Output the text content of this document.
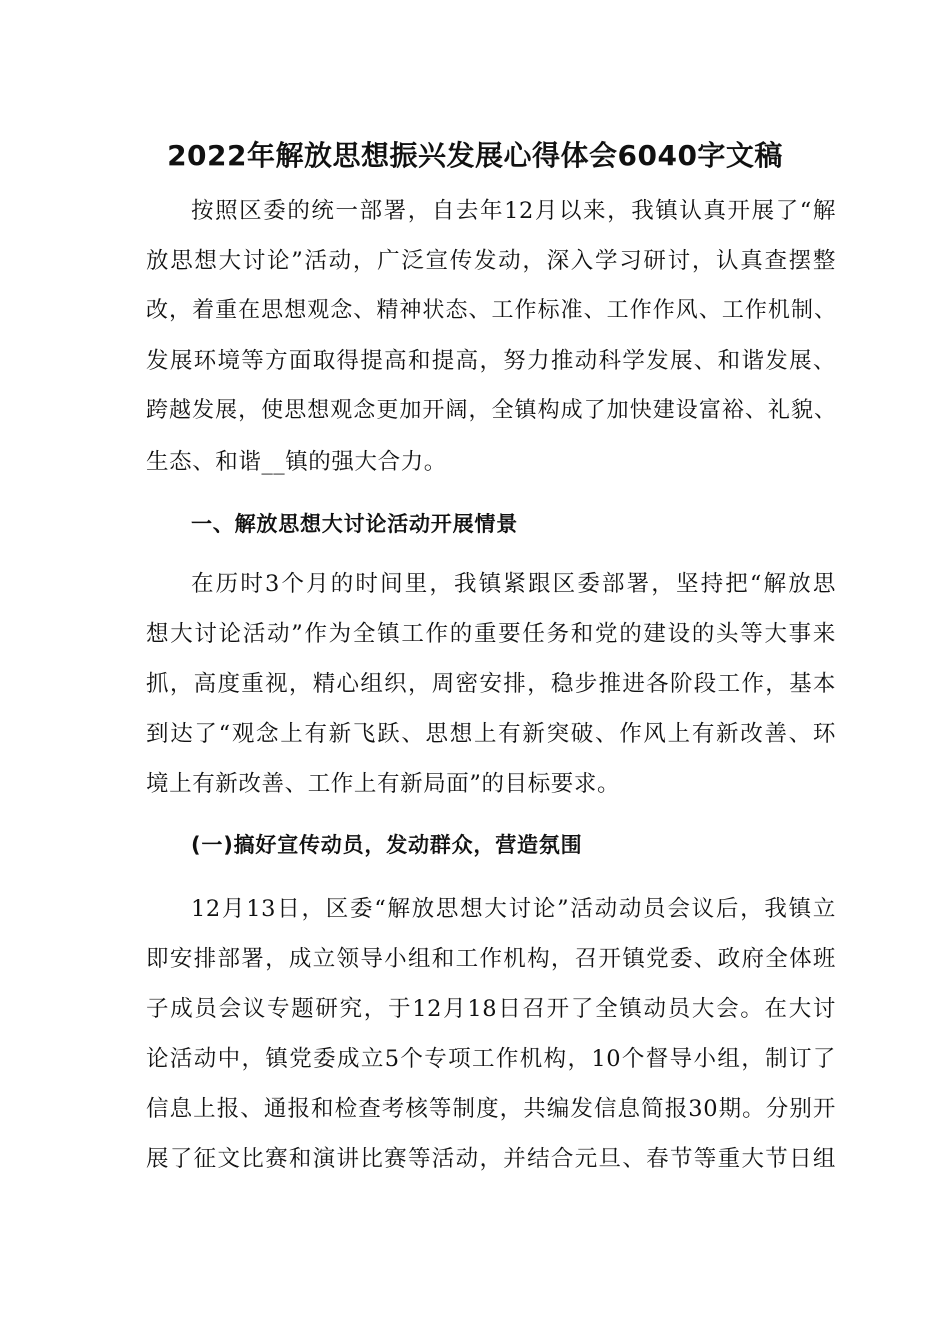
2022年解放思想振兴发展心得体会6040字文稿

按照区委的统一部署，自去年12月以来，我镇认真开展了“解

放思想大讨论”活动，广泛宣传发动，深入学习研讨，认真查摆整

改，着重在思想观念、精神状态、工作标准、工作作风、工作机制、

发展环境等方面取得提高和提高，努力推动科学发展、和谐发展、

跨越发展，使思想观念更加开阔，全镇构成了加快建设富裕、礼貌、

生态、和谐__镇的强大合力。

一、解放思想大讨论活动开展情景

在历时3个月的时间里，我镇紧跟区委部署，坚持把“解放思

想大讨论活动”作为全镇工作的重要任务和党的建设的头等大事来

抓，高度重视，精心组织，周密安排，稳步推进各阶段工作，基本

到达了“观念上有新飞跃、思想上有新突破、作风上有新改善、环

境上有新改善、工作上有新局面”的目标要求。

(一)搞好宣传动员，发动群众，营造氛围

12月13日，区委“解放思想大讨论”活动动员会议后，我镇立

即安排部署，成立领导小组和工作机构，召开镇党委、政府全体班

子成员会议专题研究，于12月18日召开了全镇动员大会。在大讨

论活动中，镇党委成立5个专项工作机构，10个督导小组，制订了

信息上报、通报和检查考核等制度，共编发信息简报30期。分别开

展了征文比赛和演讲比赛等活动，并结合元旦、春节等重大节日组
